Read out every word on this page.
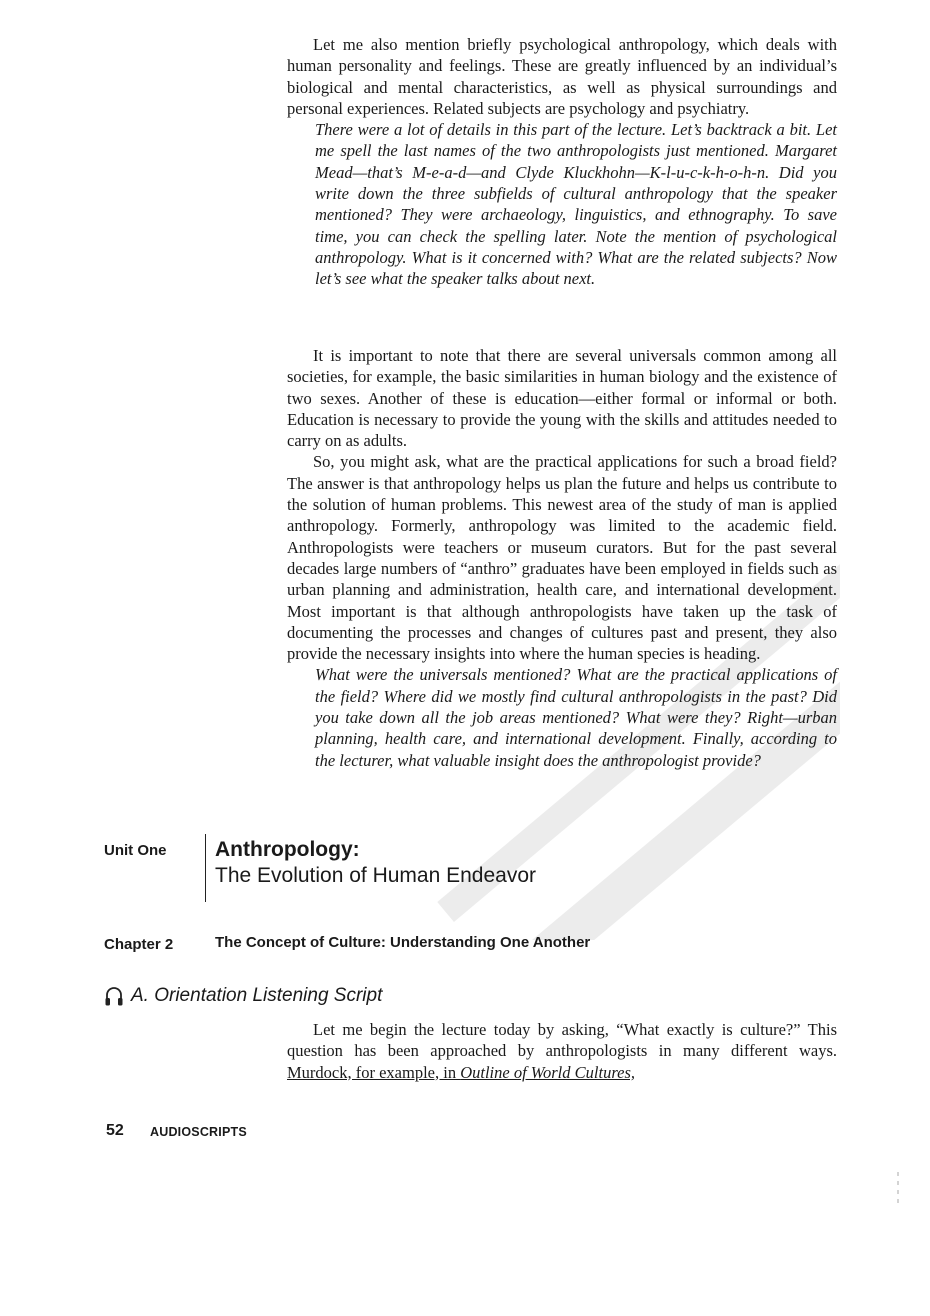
Let me also mention briefly psychological anthropology, which deals with human personality and feelings. These are greatly influenced by an individual’s biological and mental characteristics, as well as physical surroundings and personal experiences. Related subjects are psychology and psychiatry.

There were a lot of details in this part of the lecture. Let’s backtrack a bit. Let me spell the last names of the two anthropologists just mentioned. Margaret Mead—that’s M-e-a-d—and Clyde Kluckhohn—K-l-u-c-k-h-o-h-n. Did you write down the three subfields of cultural anthropology that the speaker mentioned? They were archaeology, linguistics, and ethnography. To save time, you can check the spelling later. Note the mention of psychological anthropology. What is it concerned with? What are the related subjects? Now let’s see what the speaker talks about next.

It is important to note that there are several universals common among all societies, for example, the basic similarities in human biology and the existence of two sexes. Another of these is education—either formal or informal or both. Education is necessary to provide the young with the skills and attitudes needed to carry on as adults.

So, you might ask, what are the practical applications for such a broad field? The answer is that anthropology helps us plan the future and helps us contribute to the solution of human problems. This newest area of the study of man is applied anthropology. Formerly, anthropology was limited to the academic field. Anthropologists were teachers or museum curators. But for the past several decades large numbers of “anthro” graduates have been employed in fields such as urban planning and administration, health care, and international development. Most important is that although anthropologists have taken up the task of documenting the processes and changes of cultures past and present, they also provide the necessary insights into where the human species is heading.

What were the universals mentioned? What are the practical applications of the field? Where did we mostly find cultural anthropologists in the past? Did you take down all the job areas mentioned? What were they? Right—urban planning, health care, and international development. Finally, according to the lecturer, what valuable insight does the anthropologist provide?

Unit One Anthropology:
The Evolution of Human Endeavor
Chapter 2	The Concept of Culture: Understanding One Another
A. Orientation Listening Script

Let me begin the lecture today by asking, “What exactly is culture?” This question has been approached by anthropologists in many different ways. Murdock, for example, in Outline of World Cultures,

52 AUDIOSCRIPTS
